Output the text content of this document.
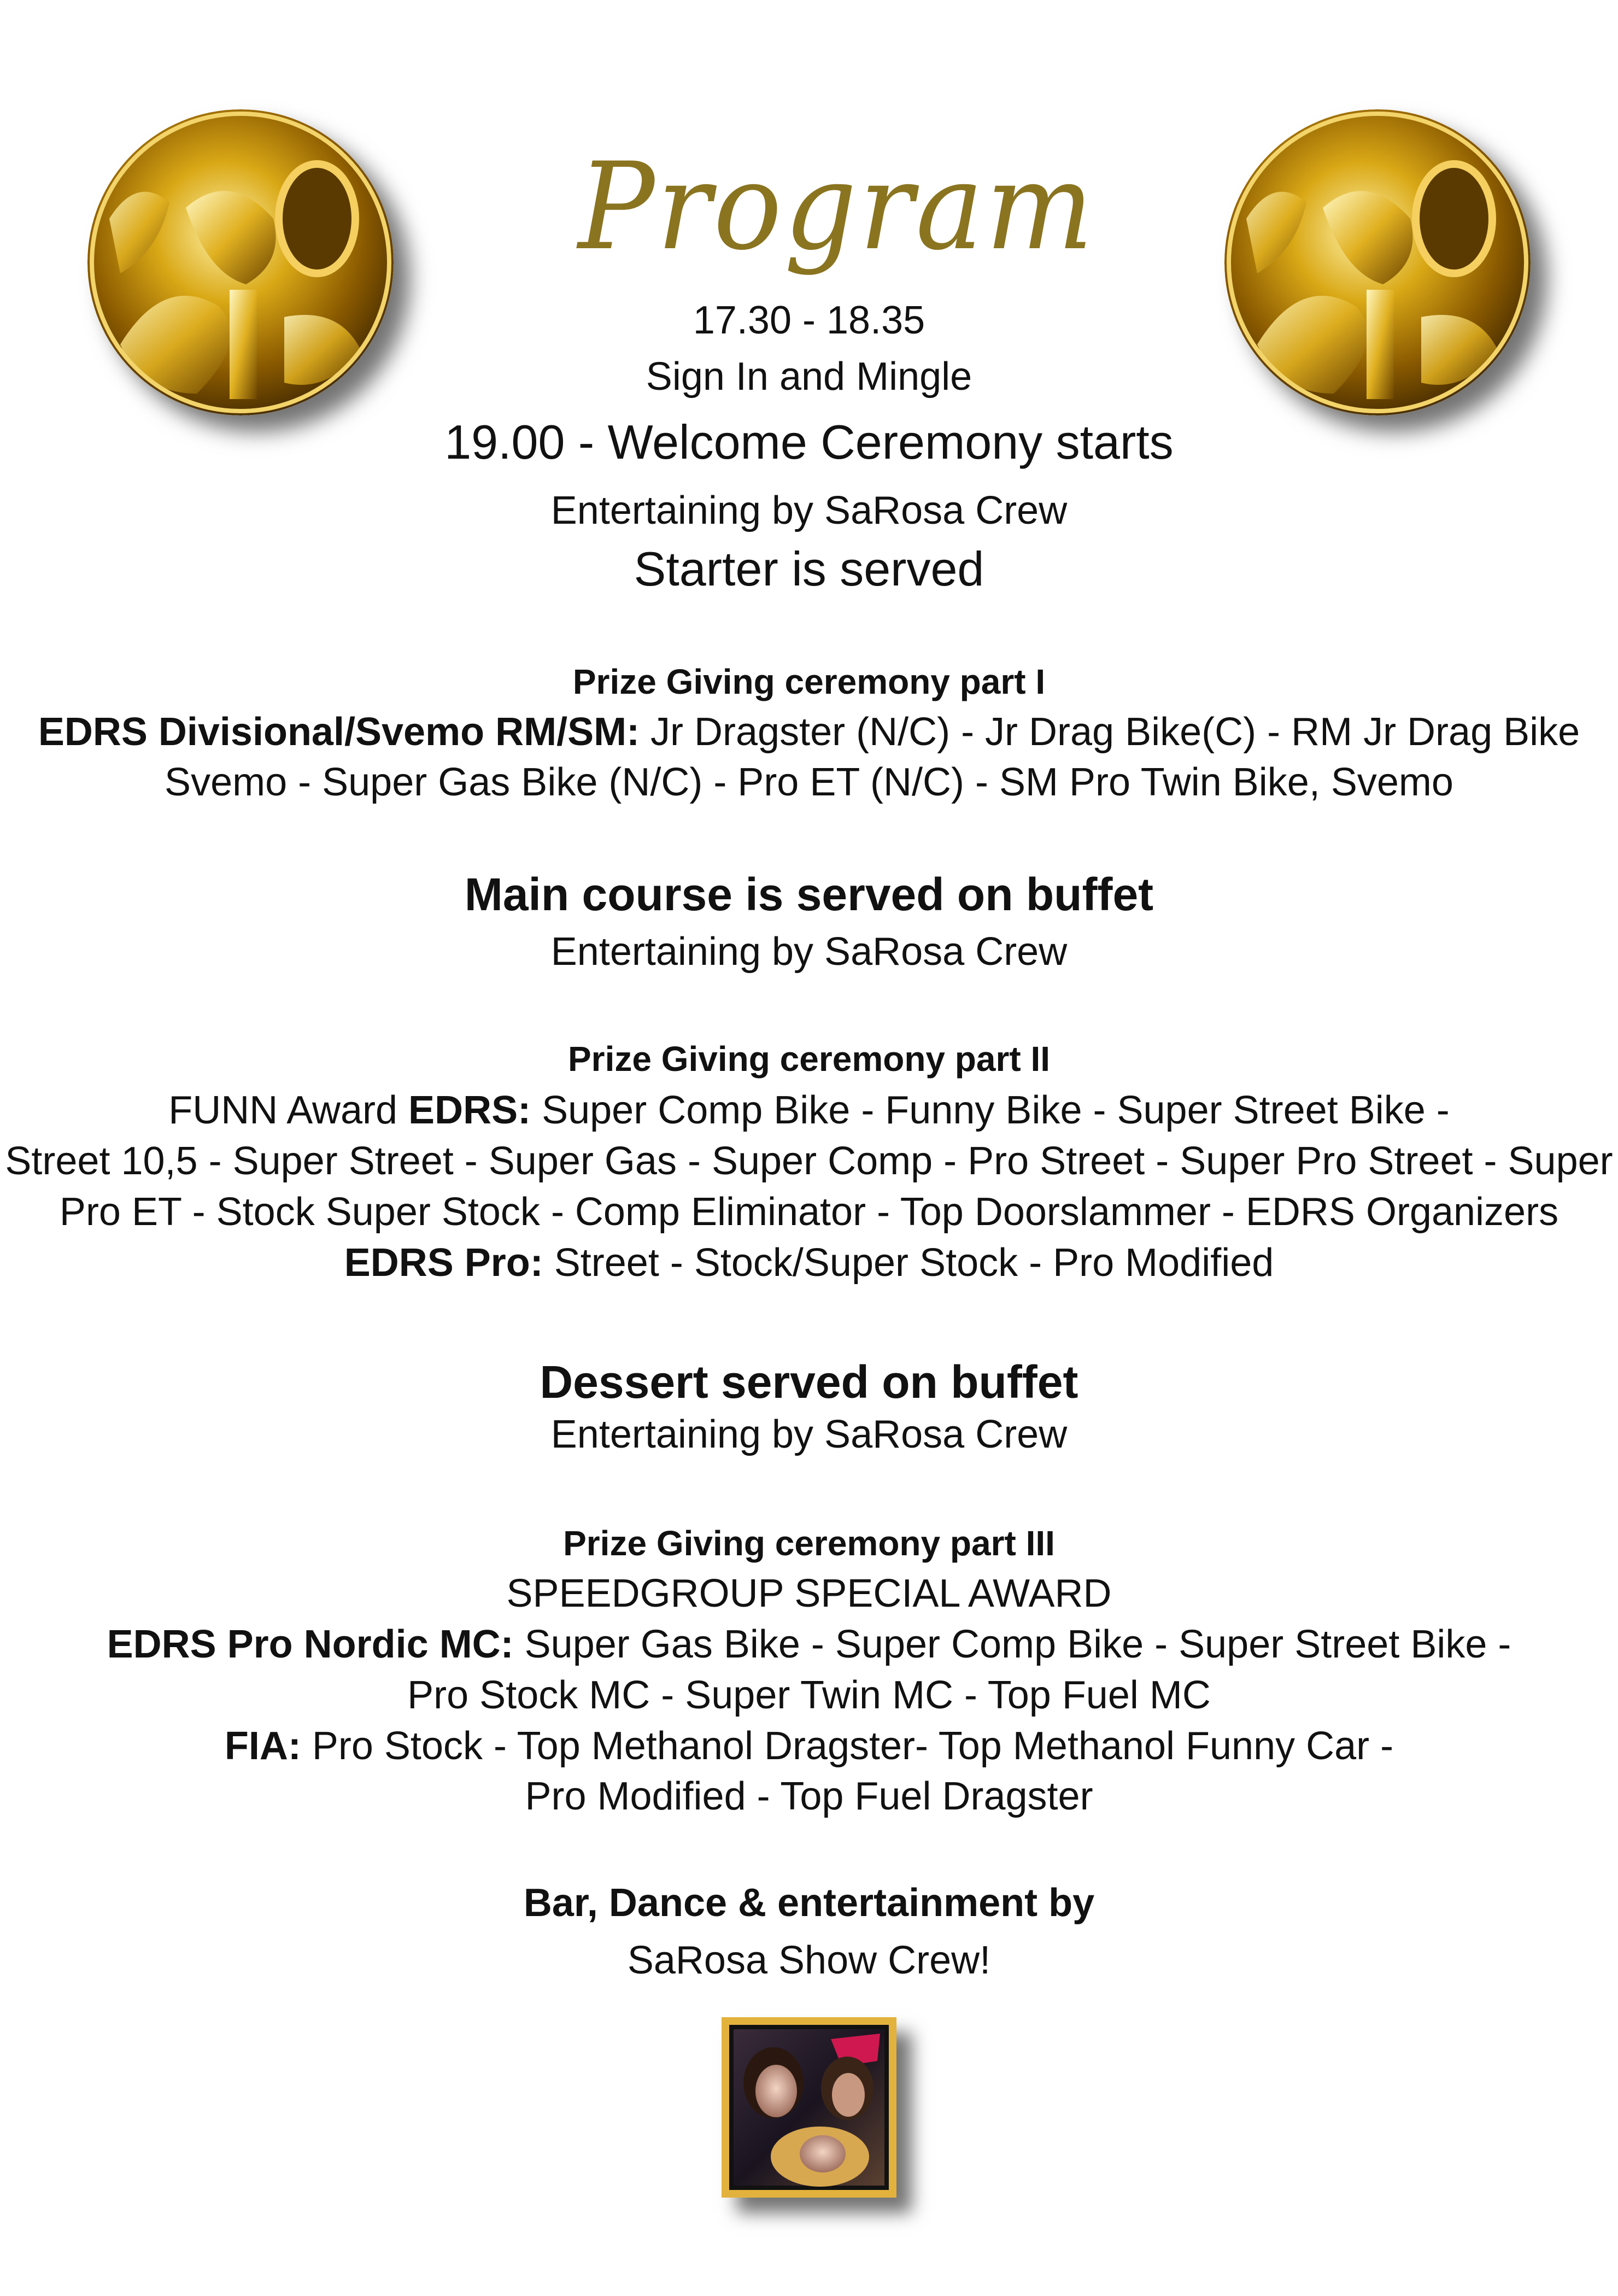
Program
17.30 - 18.35
Sign In and Mingle
19.00 - Welcome Ceremony starts
Entertaining by SaRosa Crew
Starter is served
Prize Giving ceremony part I
EDRS Divisional/Svemo RM/SM: Jr Dragster (N/C) - Jr Drag Bike(C) - RM Jr Drag Bike
Svemo - Super Gas Bike (N/C) - Pro ET (N/C) - SM Pro Twin Bike, Svemo
Main course is served on buffet
Entertaining by SaRosa Crew
Prize Giving ceremony part II
FUNN Award EDRS: Super Comp Bike - Funny Bike - Super Street Bike -
Street 10,5 - Super Street - Super Gas - Super Comp - Pro Street - Super Pro Street - Super
Pro ET - Stock Super Stock - Comp Eliminator - Top Doorslammer - EDRS Organizers
EDRS Pro: Street - Stock/Super Stock - Pro Modified
Dessert served on buffet
Entertaining by SaRosa Crew
Prize Giving ceremony part III
SPEEDGROUP SPECIAL AWARD
EDRS Pro Nordic MC: Super Gas Bike - Super Comp Bike - Super Street Bike -
Pro Stock MC - Super Twin MC - Top Fuel MC
FIA: Pro Stock - Top Methanol Dragster- Top Methanol Funny Car -
Pro Modified - Top Fuel Dragster
Bar, Dance & entertainment by
SaRosa Show Crew!
